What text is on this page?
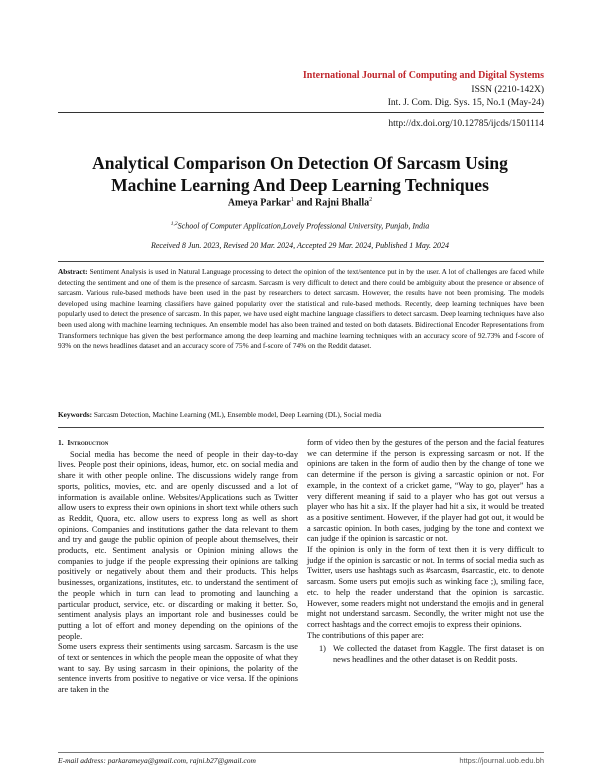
International Journal of Computing and Digital Systems
ISSN (2210-142X)
Int. J. Com. Dig. Sys. 15, No.1 (May-24)
http://dx.doi.org/10.12785/ijcds/1501114
Analytical Comparison On Detection Of Sarcasm Using
Machine Learning And Deep Learning Techniques
Ameya Parkar$^1$ and Rajni Bhalla$^2$
$^{1,2}$School of Computer Application,Lovely Professional University, Punjab, India
Received 8 Jun. 2023, Revised 20 Mar. 2024, Accepted 29 Mar. 2024, Published 1 May. 2024
Abstract: Sentiment Analysis is used in Natural Language processing to detect the opinion of the text/sentence put in by the user. A lot of challenges are faced while detecting the sentiment and one of them is the presence of sarcasm. Sarcasm is very difficult to detect and there could be ambiguity about the presence or absence of sarcasm. Various rule-based methods have been used in the past by researchers to detect sarcasm. However, the results have not been promising. The models developed using machine learning classifiers have gained popularity over the statistical and rule-based methods. Recently, deep learning techniques have been popularly used to detect the presence of sarcasm. In this paper, we have used eight machine language classifiers to detect sarcasm. Deep learning techniques have also been used along with machine learning techniques. An ensemble model has also been trained and tested on both datasets. Bidirectional Encoder Representations from Transformers technique has given the best performance among the deep learning and machine learning techniques with an accuracy score of 92.73% and f-score of 93% on the news headlines dataset and an accuracy score of 75% and f-score of 74% on the Reddit dataset.
Keywords: Sarcasm Detection, Machine Learning (ML), Ensemble model, Deep Learning (DL), Social media
1. Introduction

Social media has become the need of people in their day-to-day lives. People post their opinions, ideas, humor, etc. on social media and share it with other people online. The discussions widely range from sports, politics, movies, etc. and are openly discussed and a lot of information is available online. Websites/Applications such as Twitter allow users to express their own opinions in short text while others such as Reddit, Quora, etc. allow users to express long as well as short opinions. Companies and institutions gather the data relevant to them and try and gauge the public opinion of people about themselves, their products, etc. Sentiment analysis or Opinion mining allows the companies to judge if the people expressing their opinions are talking positively or negatively about them and their products. This helps businesses, organizations, institutes, etc. to understand the sentiment of the people which in turn can lead to promoting and launching a particular product, service, etc. or discarding or making it better. So, sentiment analysis plays an important role and businesses could be putting a lot of effort and money depending on the opinions of the people.

Some users express their sentiments using sarcasm. Sarcasm is the use of text or sentences in which the people mean the opposite of what they want to say. By using sarcasm in their opinions, the polarity of the sentence inverts from positive to negative or vice versa. If the opinions are taken in the

form of video then by the gestures of the person and the facial features we can determine if the person is expressing sarcasm or not. If the opinions are taken in the form of audio then by the change of tone we can determine if the person is giving a sarcastic opinion or not. For example, in the context of a cricket game, “Way to go, player” has a very different meaning if said to a player who has got out versus a player who has hit a six. If the player had hit a six, it would be treated as a positive sentiment. However, if the player had got out, it would be a sarcastic opinion. In both cases, judging by the tone and context we can judge if the opinion is sarcastic or not.

If the opinion is only in the form of text then it is very difficult to judge if the opinion is sarcastic or not. In terms of social media such as Twitter, users use hashtags such as #sarcasm, #sarcastic, etc. to denote sarcasm. Some users put emojis such as winking face ;), smiling face, etc. to help the reader understand that the opinion is sarcastic. However, some readers might not understand the emojis and in general might not understand sarcasm. Secondly, the writer might not use the correct hashtags and the correct emojis to express their opinions.

The contributions of this paper are:

1) We collected the dataset from Kaggle. The first dataset is on news headlines and the other dataset is on Reddit posts.
E-mail address: parkarameya@gmail.com, rajni.b27@gmail.com	https://journal.uob.edu.bh
